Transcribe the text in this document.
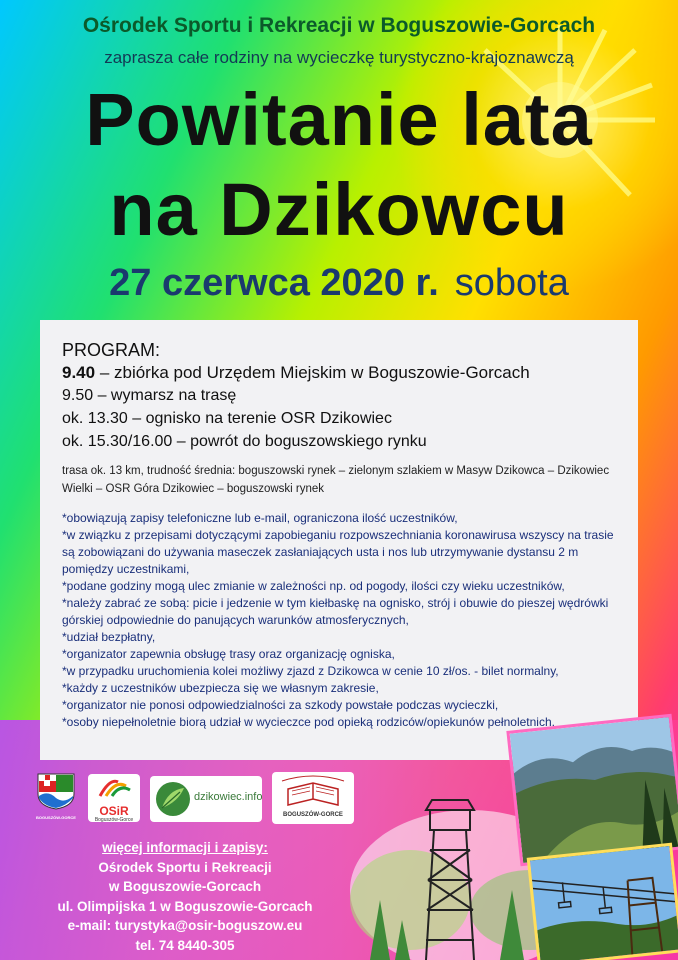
Ośrodek Sportu i Rekreacji w Boguszowie-Gorcach
zaprasza całe rodziny na wycieczkę turystyczno-krajoznawczą
Powitanie lata
na Dzikowcu
27 czerwca 2020 r. sobota
PROGRAM:
9.40 – zbiórka pod Urzędem Miejskim w Boguszowie-Gorcach
9.50 – wymarsz na trasę
ok. 13.30 – ognisko na terenie OSR Dzikowiec
ok. 15.30/16.00 – powrót do boguszowskiego rynku
trasa ok. 13 km, trudność średnia: boguszowski rynek – zielonym szlakiem w Masyw Dzikowca – Dzikowiec Wielki – OSR Góra Dzikowiec – boguszowski rynek
*obowiązują zapisy telefoniczne lub e-mail, ograniczona ilość uczestników,
*w związku z przepisami dotyczącymi zapobieganiu rozpowszechniania koronawirusa wszyscy na trasie są zobowiązani do używania maseczek zasłaniających usta i nos lub utrzymywanie dystansu 2 m pomiędzy uczestnikami,
*podane godziny mogą ulec zmianie w zależności np. od pogody, ilości czy wieku uczestników,
*należy zabrać ze sobą: picie i jedzenie w tym kiełbaskę na ognisko, strój i obuwie do pieszej wędrówki górskiej odpowiednie do panujących warunków atmosferycznych,
*udział bezpłatny,
*organizator zapewnia obsługę trasy oraz organizację ogniska,
*w przypadku uruchomienia kolei możliwy zjazd z Dzikowca w cenie 10 zł/os. - bilet normalny,
*każdy z uczestników ubezpiecza się we własnym zakresie,
*organizator nie ponosi odpowiedzialności za szkody powstałe podczas wycieczki,
*osoby niepełnoletnie biorą udział w wycieczce pod opieką rodziców/opiekunów pełnoletnich.
BOGUSZÓW-GORCE	OSiR
Boguszów-Gorce
dzikowiec.info
BOGUSZÓW-GORCE
więcej informacji i zapisy:
Ośrodek Sportu i Rekreacji
w Boguszowie-Gorcach
ul. Olimpijska 1 w Boguszowie-Gorcach
e-mail: turystyka@osir-boguszow.eu
tel. 74 8440-305
